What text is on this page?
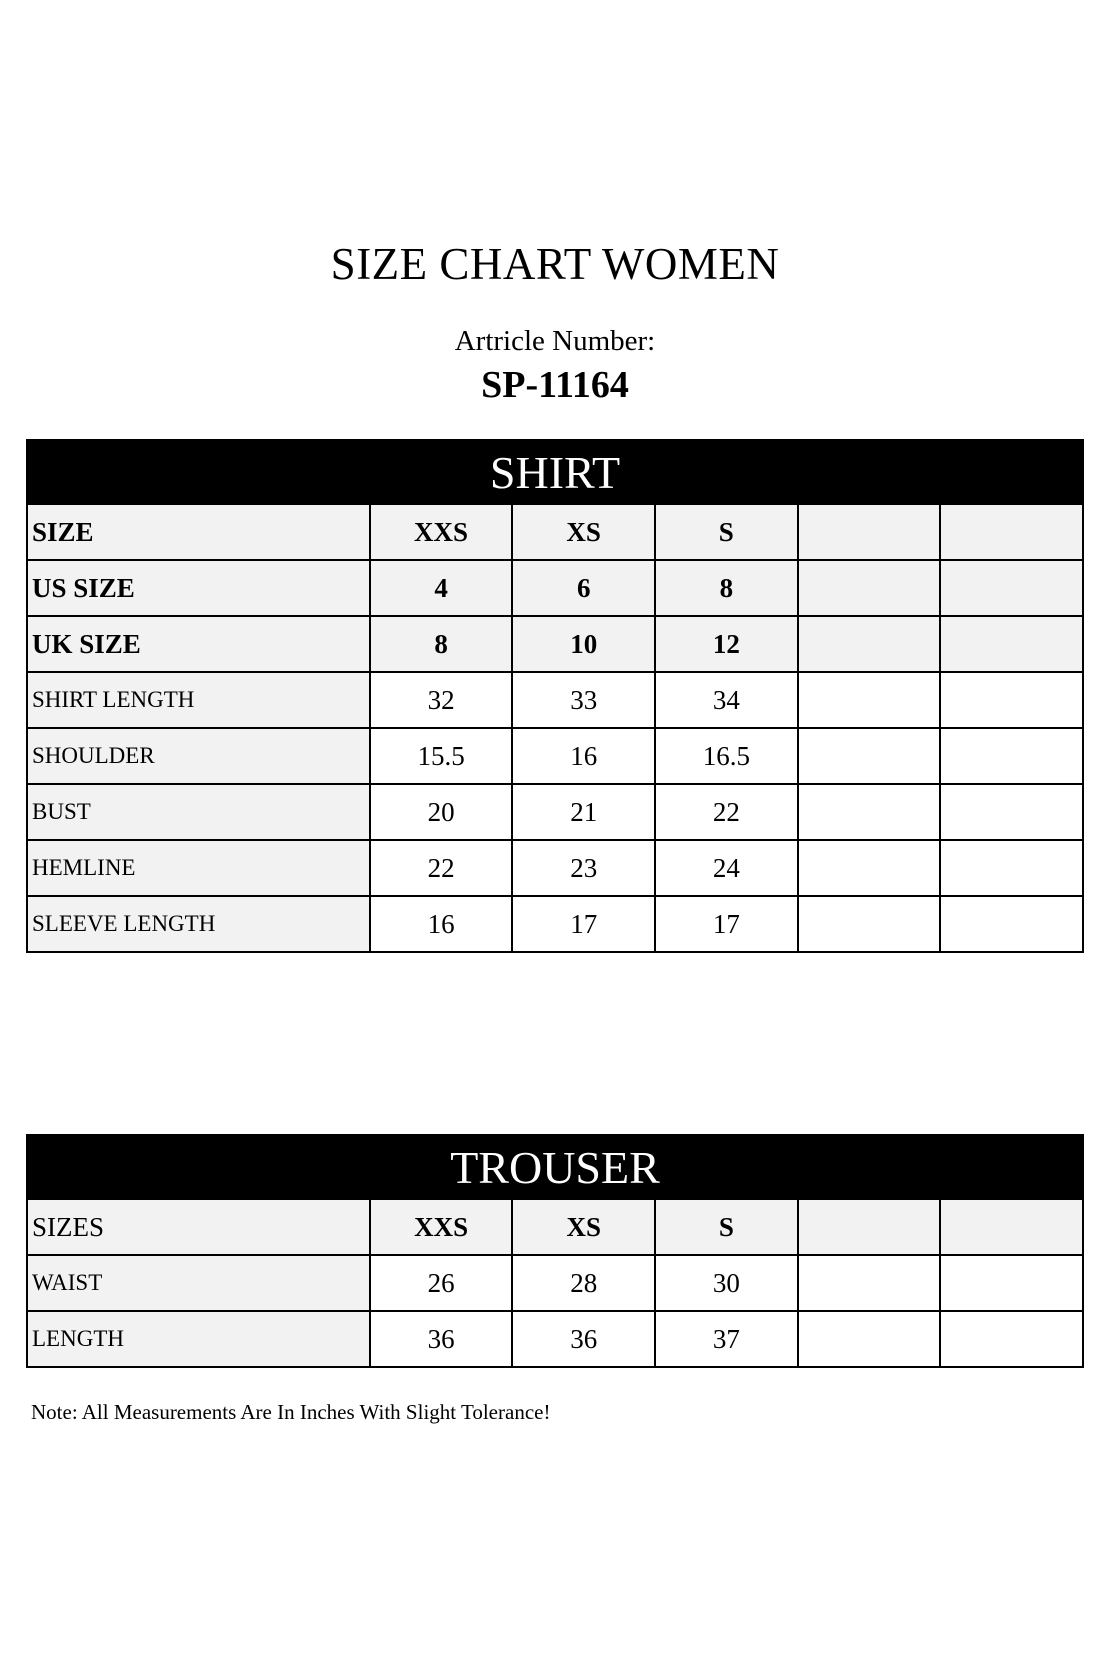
SIZE CHART WOMEN
Artricle Number:
SP-11164
SHIRT					
SIZE	XXS	XS	S		
US SIZE	4	6	8		
UK SIZE	8	10	12		
SHIRT LENGTH	32	33	34		
SHOULDER	15.5	16	16.5		
BUST	20	21	22		
HEMLINE	22	23	24		
SLEEVE LENGTH	16	17	17		
TROUSER					
SIZES	XXS	XS	S		
WAIST	26	28	30		
LENGTH	36	36	37		
Note: All Measurements Are In Inches With Slight Tolerance!
